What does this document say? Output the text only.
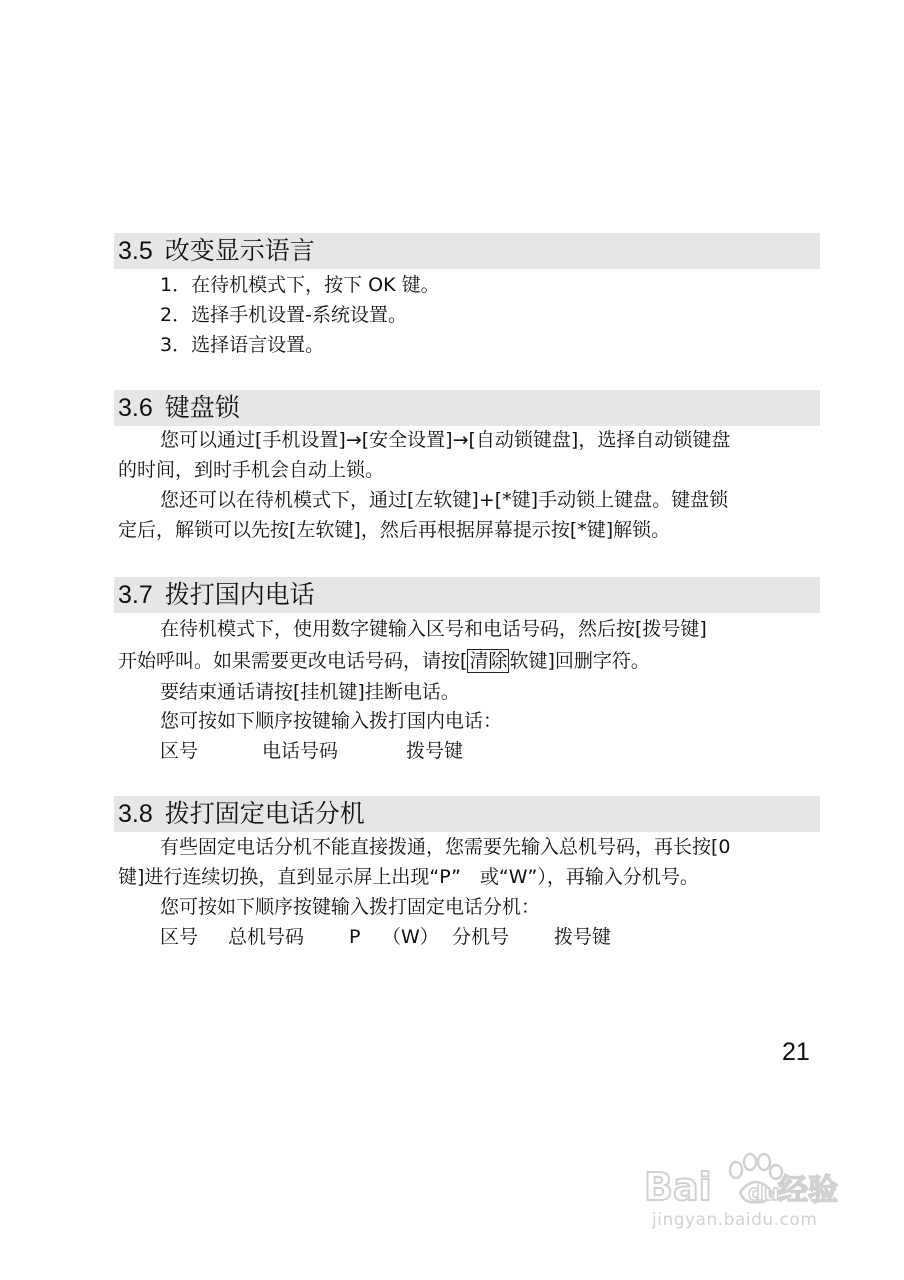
3.5 改变显示语言
1．在待机模式下，按下 OK 键。
2．选择手机设置-系统设置。
3．选择语言设置。
3.6 键盘锁
您可以通过[手机设置]→[安全设置]→[自动锁键盘]，选择自动锁键盘
的时间，到时手机会自动上锁。
您还可以在待机模式下，通过[左软键]+[*键]手动锁上键盘。键盘锁
定后，解锁可以先按[左软键]，然后再根据屏幕提示按[*键]解锁。
3.7 拨打国内电话
在待机模式下，使用数字键输入区号和电话号码，然后按[拨号键]
开始呼叫。如果需要更改电话号码，请按[ 清除 软键]回删字符。
要结束通话请按[挂机键]挂断电话。
您可按如下顺序按键输入拨打国内电话：
区号	电话号码	拨号键
3.8 拨打固定电话分机
有些固定电话分机不能直接拨通，您需要先输入总机号码，再长按[0
键]进行连续切换，直到显示屏上出现“P”　或“W”），再输入分机号。
您可按如下顺序按键输入拨打固定电话分机：
区号 总机号码 P （W） 分机号 拨号键
21
Bai du
经验
jingyan.baidu.com
